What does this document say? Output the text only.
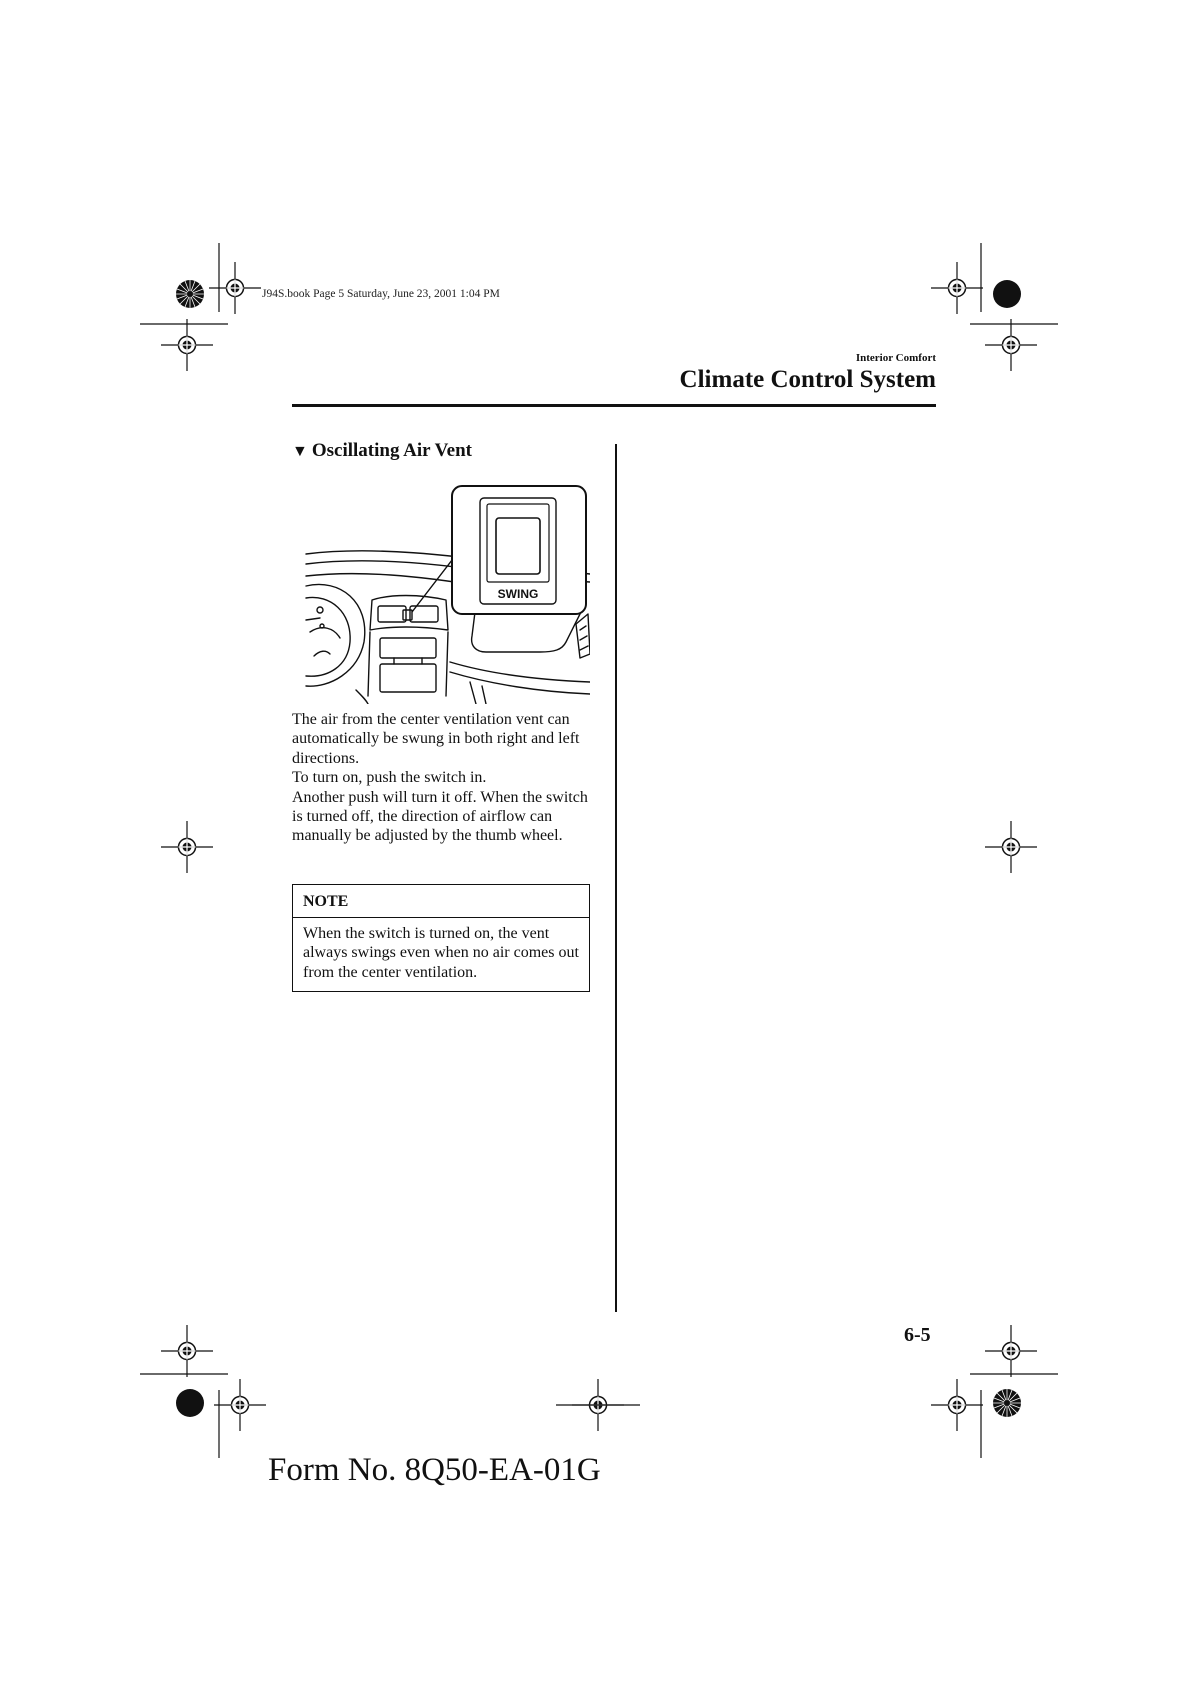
J94S.book Page 5 Saturday, June 23, 2001 1:04 PM
Interior Comfort
Climate Control System
▼ Oscillating Air Vent
SWING

The air from the center ventilation vent can automatically be swung in both right and left directions.

To turn on, push the switch in.

Another push will turn it off. When the switch is turned off, the direction of airflow can manually be adjusted by the thumb wheel.

NOTE
When the switch is turned on, the vent always swings even when no air comes out from the center ventilation.
6-5
Form No. 8Q50-EA-01G
